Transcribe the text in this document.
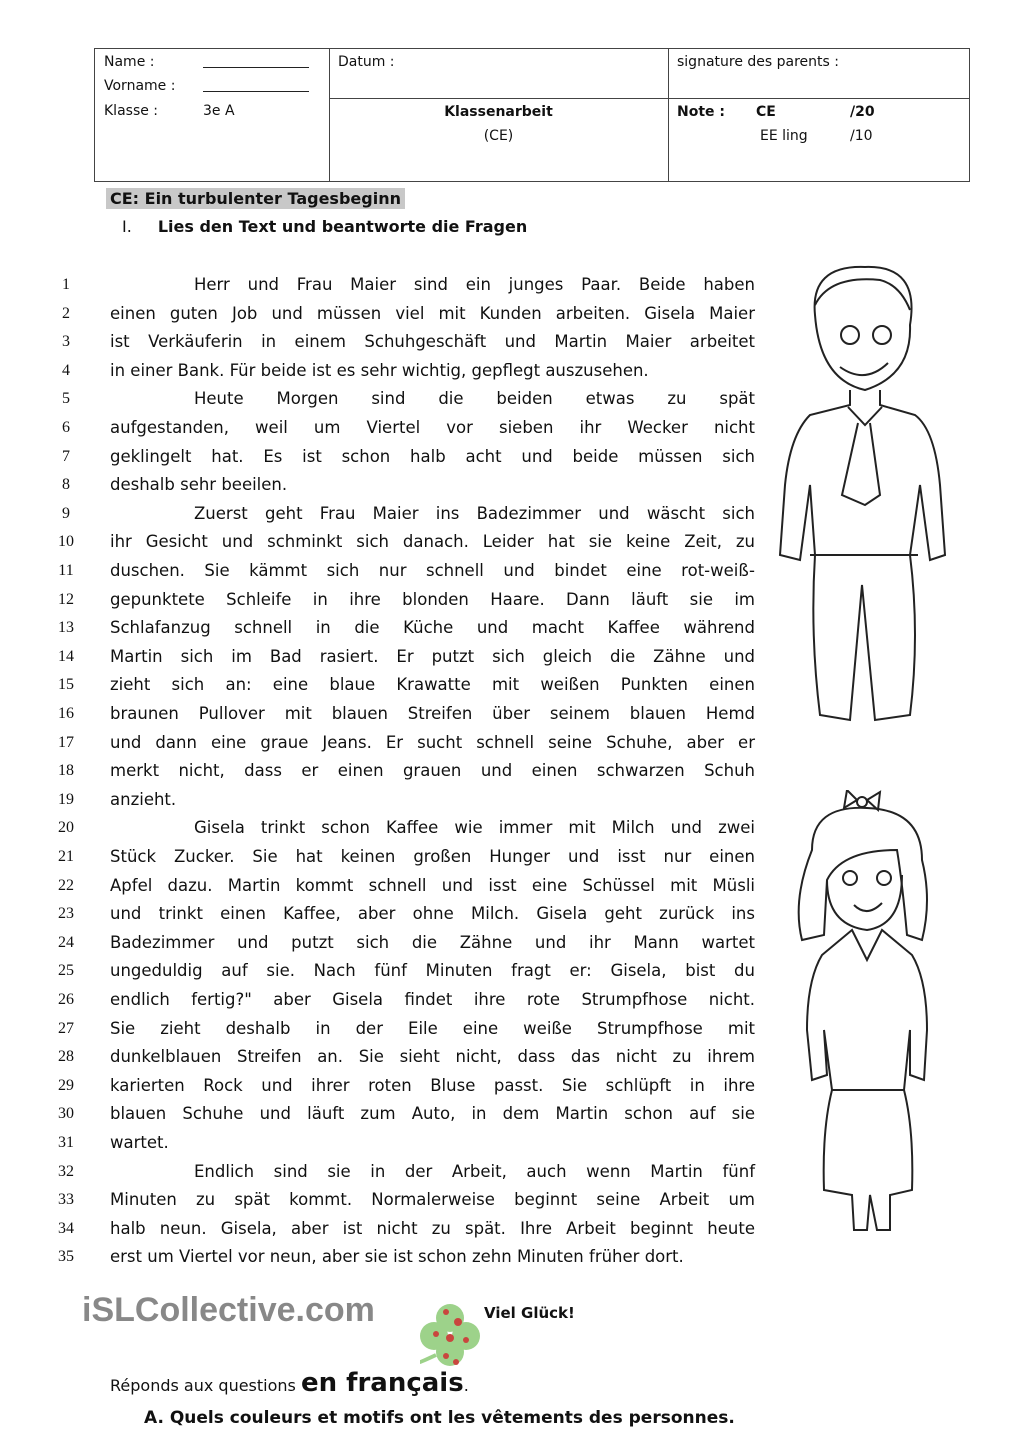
Name :
Vorname :
Klasse :	3e A
Datum :
Klassenarbeit
(CE)
signature des parents :
Note : CE	/20
EE ling	/10
CE: Ein turbulenter Tagesbeginn
I. Lies den Text und beantworte die Fragen
1	Herr und Frau Maier sind ein junges Paar. Beide haben
2	einen guten Job und müssen viel mit Kunden arbeiten. Gisela Maier
3	ist Verkäuferin in einem Schuhgeschäft und Martin Maier arbeitet
4	in einer Bank. Für beide ist es sehr wichtig, gepflegt auszusehen.
5	Heute Morgen sind die beiden etwas zu spät
6	aufgestanden, weil um Viertel vor sieben ihr Wecker nicht
7	geklingelt hat. Es ist schon halb acht und beide müssen sich
8	deshalb sehr beeilen.
9	Zuerst geht Frau Maier ins Badezimmer und wäscht sich
10	ihr Gesicht und schminkt sich danach. Leider hat sie keine Zeit, zu
11	duschen. Sie kämmt sich nur schnell und bindet eine rot-weiß-
12	gepunktete Schleife in ihre blonden Haare. Dann läuft sie im
13	Schlafanzug schnell in die Küche und macht Kaffee während
14	Martin sich im Bad rasiert. Er putzt sich gleich die Zähne und
15	zieht sich an: eine blaue Krawatte mit weißen Punkten einen
16	braunen Pullover mit blauen Streifen über seinem blauen Hemd
17	und dann eine graue Jeans. Er sucht schnell seine Schuhe, aber er
18	merkt nicht, dass er einen grauen und einen schwarzen Schuh
19	anzieht.
20	Gisela trinkt schon Kaffee wie immer mit Milch und zwei
21	Stück Zucker. Sie hat keinen großen Hunger und isst nur einen
22	Apfel dazu. Martin kommt schnell und isst eine Schüssel mit Müsli
23	und trinkt einen Kaffee, aber ohne Milch. Gisela geht zurück ins
24	Badezimmer und putzt sich die Zähne und ihr Mann wartet
25	ungeduldig auf sie. Nach fünf Minuten fragt er: Gisela, bist du
26	endlich fertig?" aber Gisela findet ihre rote Strumpfhose nicht.
27	Sie zieht deshalb in der Eile eine weiße Strumpfhose mit
28	dunkelblauen Streifen an. Sie sieht nicht, dass das nicht zu ihrem
29	karierten Rock und ihrer roten Bluse passt. Sie schlüpft in ihre
30	blauen Schuhe und läuft zum Auto, in dem Martin schon auf sie
31	wartet.
32	Endlich sind sie in der Arbeit, auch wenn Martin fünf
33	Minuten zu spät kommt. Normalerweise beginnt seine Arbeit um
34	halb neun. Gisela, aber ist nicht zu spät. Ihre Arbeit beginnt heute
35	erst um Viertel vor neun, aber sie ist schon zehn Minuten früher dort.
iSLCollective.com	Viel Glück!
Réponds aux questions en français.
A. Quels couleurs et motifs ont les vêtements des personnes.
